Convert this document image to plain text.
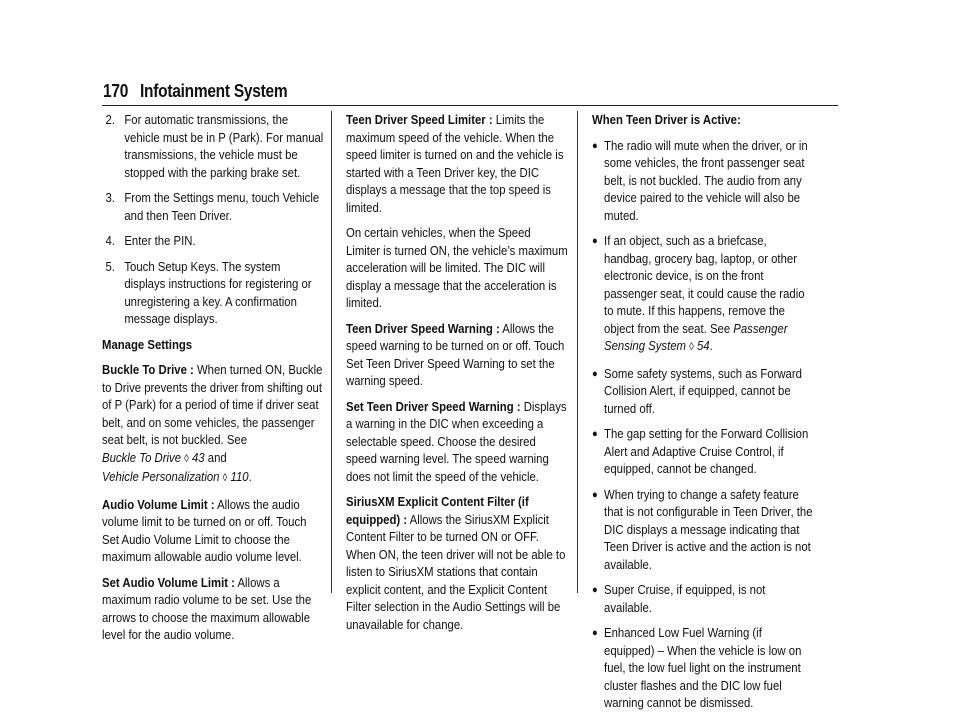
170 Infotainment System
2. For automatic transmissions, the vehicle must be in P (Park). For manual transmissions, the vehicle must be stopped with the parking brake set.
3. From the Settings menu, touch Vehicle and then Teen Driver.
4. Enter the PIN.
5. Touch Setup Keys. The system displays instructions for registering or unregistering a key. A confirmation message displays.

Manage Settings

Buckle To Drive : When turned ON, Buckle to Drive prevents the driver from shifting out of P (Park) for a period of time if driver seat belt, and on some vehicles, the passenger seat belt, is not buckled. See
Buckle To Drive ◊ 43 and
Vehicle Personalization ◊ 110.

Audio Volume Limit : Allows the audio volume limit to be turned on or off. Touch Set Audio Volume Limit to choose the maximum allowable audio volume level.

Set Audio Volume Limit : Allows a maximum radio volume to be set. Use the arrows to choose the maximum allowable level for the audio volume.

Teen Driver Speed Limiter : Limits the maximum speed of the vehicle. When the speed limiter is turned on and the vehicle is started with a Teen Driver key, the DIC displays a message that the top speed is limited.

On certain vehicles, when the Speed Limiter is turned ON, the vehicle’s maximum acceleration will be limited. The DIC will display a message that the acceleration is limited.

Teen Driver Speed Warning : Allows the speed warning to be turned on or off. Touch Set Teen Driver Speed Warning to set the warning speed.

Set Teen Driver Speed Warning : Displays a warning in the DIC when exceeding a selectable speed. Choose the desired speed warning level. The speed warning does not limit the speed of the vehicle.

SiriusXM Explicit Content Filter (if equipped) : Allows the SiriusXM Explicit Content Filter to be turned ON or OFF. When ON, the teen driver will not be able to listen to SiriusXM stations that contain explicit content, and the Explicit Content Filter selection in the Audio Settings will be unavailable for change.

When Teen Driver is Active:

● The radio will mute when the driver, or in some vehicles, the front passenger seat belt, is not buckled. The audio from any device paired to the vehicle will also be muted.
● If an object, such as a briefcase, handbag, grocery bag, laptop, or other electronic device, is on the front passenger seat, it could cause the radio to mute. If this happens, remove the object from the seat. See Passenger Sensing System ◊ 54.
● Some safety systems, such as Forward Collision Alert, if equipped, cannot be turned off.
● The gap setting for the Forward Collision Alert and Adaptive Cruise Control, if equipped, cannot be changed.
● When trying to change a safety feature that is not configurable in Teen Driver, the DIC displays a message indicating that Teen Driver is active and the action is not available.
● Super Cruise, if equipped, is not available.
● Enhanced Low Fuel Warning (if equipped) – When the vehicle is low on fuel, the low fuel light on the instrument cluster flashes and the DIC low fuel warning cannot be dismissed.
